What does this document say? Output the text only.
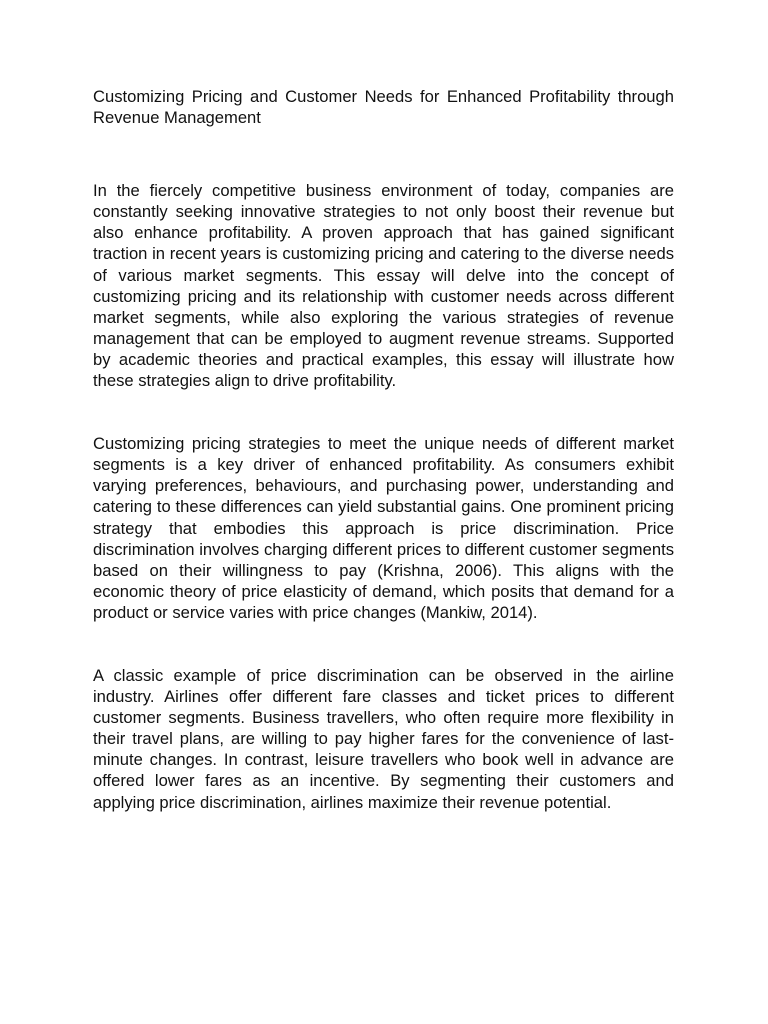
Customizing Pricing and Customer Needs for Enhanced Profitability through Revenue Management

In the fiercely competitive business environment of today, companies are constantly seeking innovative strategies to not only boost their revenue but also enhance profitability. A proven approach that has gained significant traction in recent years is customizing pricing and catering to the diverse needs of various market segments. This essay will delve into the concept of customizing pricing and its relationship with customer needs across different market segments, while also exploring the various strategies of revenue management that can be employed to augment revenue streams. Supported by academic theories and practical examples, this essay will illustrate how these strategies align to drive profitability.

Customizing pricing strategies to meet the unique needs of different market segments is a key driver of enhanced profitability. As consumers exhibit varying preferences, behaviours, and purchasing power, understanding and catering to these differences can yield substantial gains. One prominent pricing strategy that embodies this approach is price discrimination. Price discrimination involves charging different prices to different customer segments based on their willingness to pay (Krishna, 2006). This aligns with the economic theory of price elasticity of demand, which posits that demand for a product or service varies with price changes (Mankiw, 2014).

A classic example of price discrimination can be observed in the airline industry. Airlines offer different fare classes and ticket prices to different customer segments. Business travellers, who often require more flexibility in their travel plans, are willing to pay higher fares for the convenience of last-minute changes. In contrast, leisure travellers who book well in advance are offered lower fares as an incentive. By segmenting their customers and applying price discrimination, airlines maximize their revenue potential.
